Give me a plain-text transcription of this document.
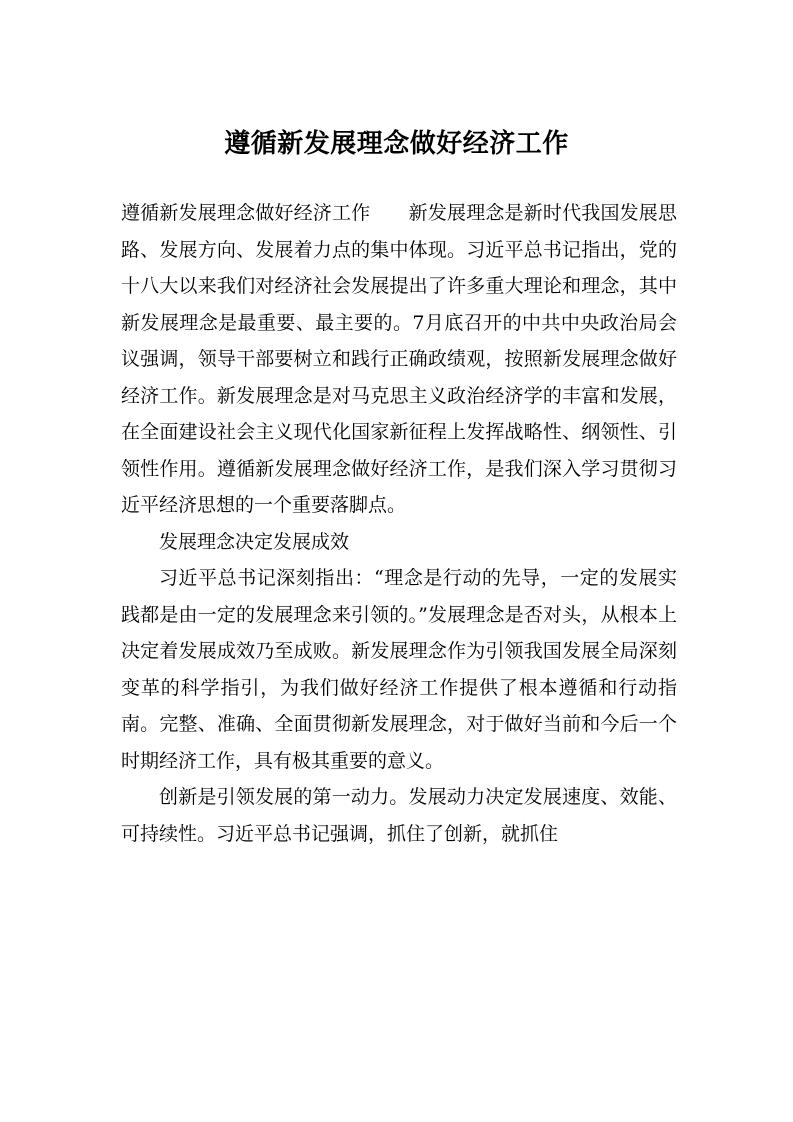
遵循新发展理念做好经济工作

遵循新发展理念做好经济工作　　新发展理念是新时代我国发展思路、发展方向、发展着力点的集中体现。习近平总书记指出，党的十八大以来我们对经济社会发展提出了许多重大理论和理念，其中新发展理念是最重要、最主要的。7月底召开的中共中央政治局会议强调，领导干部要树立和践行正确政绩观，按照新发展理念做好经济工作。新发展理念是对马克思主义政治经济学的丰富和发展，在全面建设社会主义现代化国家新征程上发挥战略性、纲领性、引领性作用。遵循新发展理念做好经济工作，是我们深入学习贯彻习近平经济思想的一个重要落脚点。

发展理念决定发展成效

习近平总书记深刻指出：“理念是行动的先导，一定的发展实践都是由一定的发展理念来引领的。”发展理念是否对头，从根本上决定着发展成效乃至成败。新发展理念作为引领我国发展全局深刻变革的科学指引，为我们做好经济工作提供了根本遵循和行动指南。完整、准确、全面贯彻新发展理念，对于做好当前和今后一个时期经济工作，具有极其重要的意义。

创新是引领发展的第一动力。发展动力决定发展速度、效能、可持续性。习近平总书记强调，抓住了创新，就抓住
